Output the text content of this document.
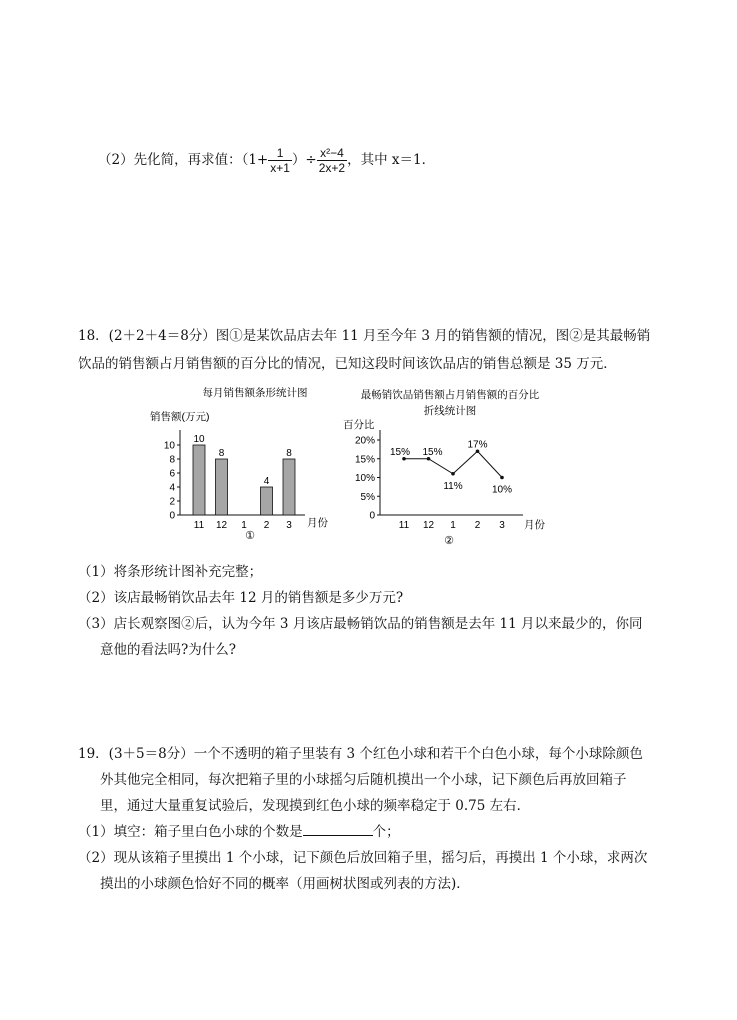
（2）先化简，再求值：（$1+ \frac{1}{x+1}$ ）÷ $\frac{\text{x²−4}}{2x+2}$ ，其中 x＝1．
18．(2＋2＋4＝8分）图①是某饮品店去年 11 月至今年 3 月的销售额的情况，图②是其最畅销
饮品的销售额占月销售额的百分比的情况，已知这段时间该饮品店的销售总额是 35 万元．
每月销售额条形统计图
销售额(万元)
0
2
4
6
8
10
11 12 1 2 3
10
8
4
8
月份
①
最畅销饮品销售额占月销售额的百分比
折线统计图
百分比
0
5%
10%
15%
20%
11 12 1 2 3
15% 15%
11%
17%
10%
月份
②
（1）将条形统计图补充完整；
（2）该店最畅销饮品去年 12 月的销售额是多少万元?
（3）店长观察图②后，认为今年 3 月该店最畅销饮品的销售额是去年 11 月以来最少的，你同
意他的看法吗?为什么?
19．(3＋5＝8分）一个不透明的箱子里装有 3 个红色小球和若干个白色小球，每个小球除颜色
外其他完全相同，每次把箱子里的小球摇匀后随机摸出一个小球，记下颜色后再放回箱子
里，通过大量重复试验后，发现摸到红色小球的频率稳定于 0.75 左右．
（1）填空：箱子里白色小球的个数是	个；
（2）现从该箱子里摸出 1 个小球，记下颜色后放回箱子里，摇匀后，再摸出 1 个小球，求两次
摸出的小球颜色恰好不同的概率（用画树状图或列表的方法)．
